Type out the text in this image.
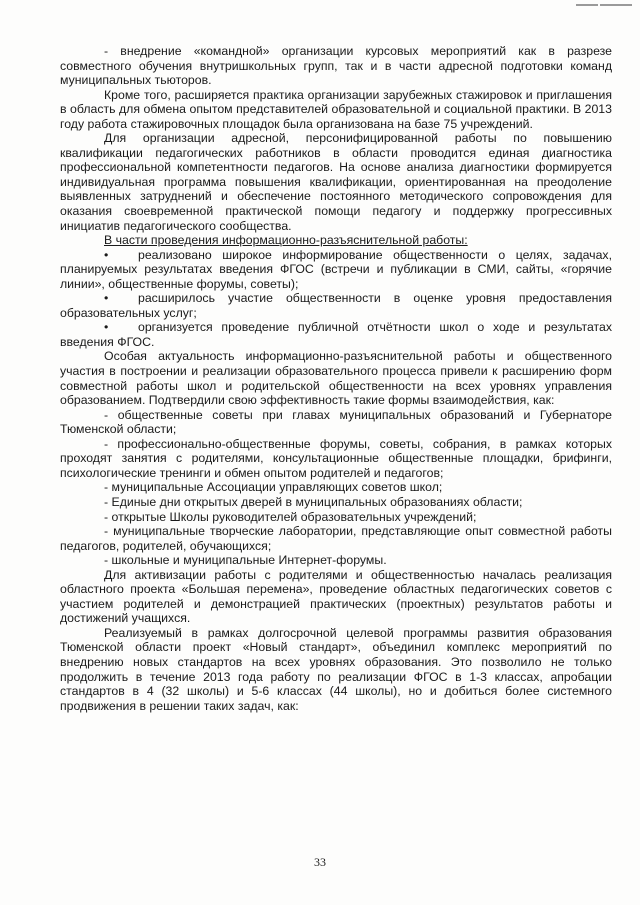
- внедрение «командной» организации курсовых мероприятий как в разрезе совместного обучения внутришкольных групп, так и в части адресной подготовки команд муниципальных тьюторов.

Кроме того, расширяется практика организации зарубежных стажировок и приглашения в область для обмена опытом представителей образовательной и социальной практики. В 2013 году работа стажировочных площадок была организована на базе 75 учреждений.

Для организации адресной, персонифицированной работы по повышению квалификации педагогических работников в области проводится единая диагностика профессиональной компетентности педагогов. На основе анализа диагностики формируется индивидуальная программа повышения квалификации, ориентированная на преодоление выявленных затруднений и обеспечение постоянного методического сопровождения для оказания своевременной практической помощи педагогу и поддержку прогрессивных инициатив педагогического сообщества.

В части проведения информационно-разъяснительной работы:

• реализовано широкое информирование общественности о целях, задачах, планируемых результатах введения ФГОС (встречи и публикации в СМИ, сайты, «горячие линии», общественные форумы, советы);

• расширилось участие общественности в оценке уровня предоставления образовательных услуг;

• организуется проведение публичной отчётности школ о ходе и результатах введения ФГОС.

Особая актуальность информационно-разъяснительной работы и общественного участия в построении и реализации образовательного процесса привели к расширению форм совместной работы школ и родительской общественности на всех уровнях управления образованием. Подтвердили свою эффективность такие формы взаимодействия, как:

- общественные советы при главах муниципальных образований и Губернаторе Тюменской области;

- профессионально-общественные форумы, советы, собрания, в рамках которых проходят занятия с родителями, консультационные общественные площадки, брифинги, психологические тренинги и обмен опытом родителей и педагогов;

- муниципальные Ассоциации управляющих советов школ;

- Единые дни открытых дверей в муниципальных образованиях области;

- открытые Школы руководителей образовательных учреждений;

- муниципальные творческие лаборатории, представляющие опыт совместной работы педагогов, родителей, обучающихся;

- школьные и муниципальные Интернет-форумы.

Для активизации работы с родителями и общественностью началась реализация областного проекта «Большая перемена», проведение областных педагогических советов с участием родителей и демонстрацией практических (проектных) результатов работы и достижений учащихся.

Реализуемый в рамках долгосрочной целевой программы развития образования Тюменской области проект «Новый стандарт», объединил комплекс мероприятий по внедрению новых стандартов на всех уровнях образования. Это позволило не только продолжить в течение 2013 года работу по реализации ФГОС в 1-3 классах, апробации стандартов в 4 (32 школы) и 5-6 классах (44 школы), но и добиться более системного продвижения в решении таких задач, как:

33
